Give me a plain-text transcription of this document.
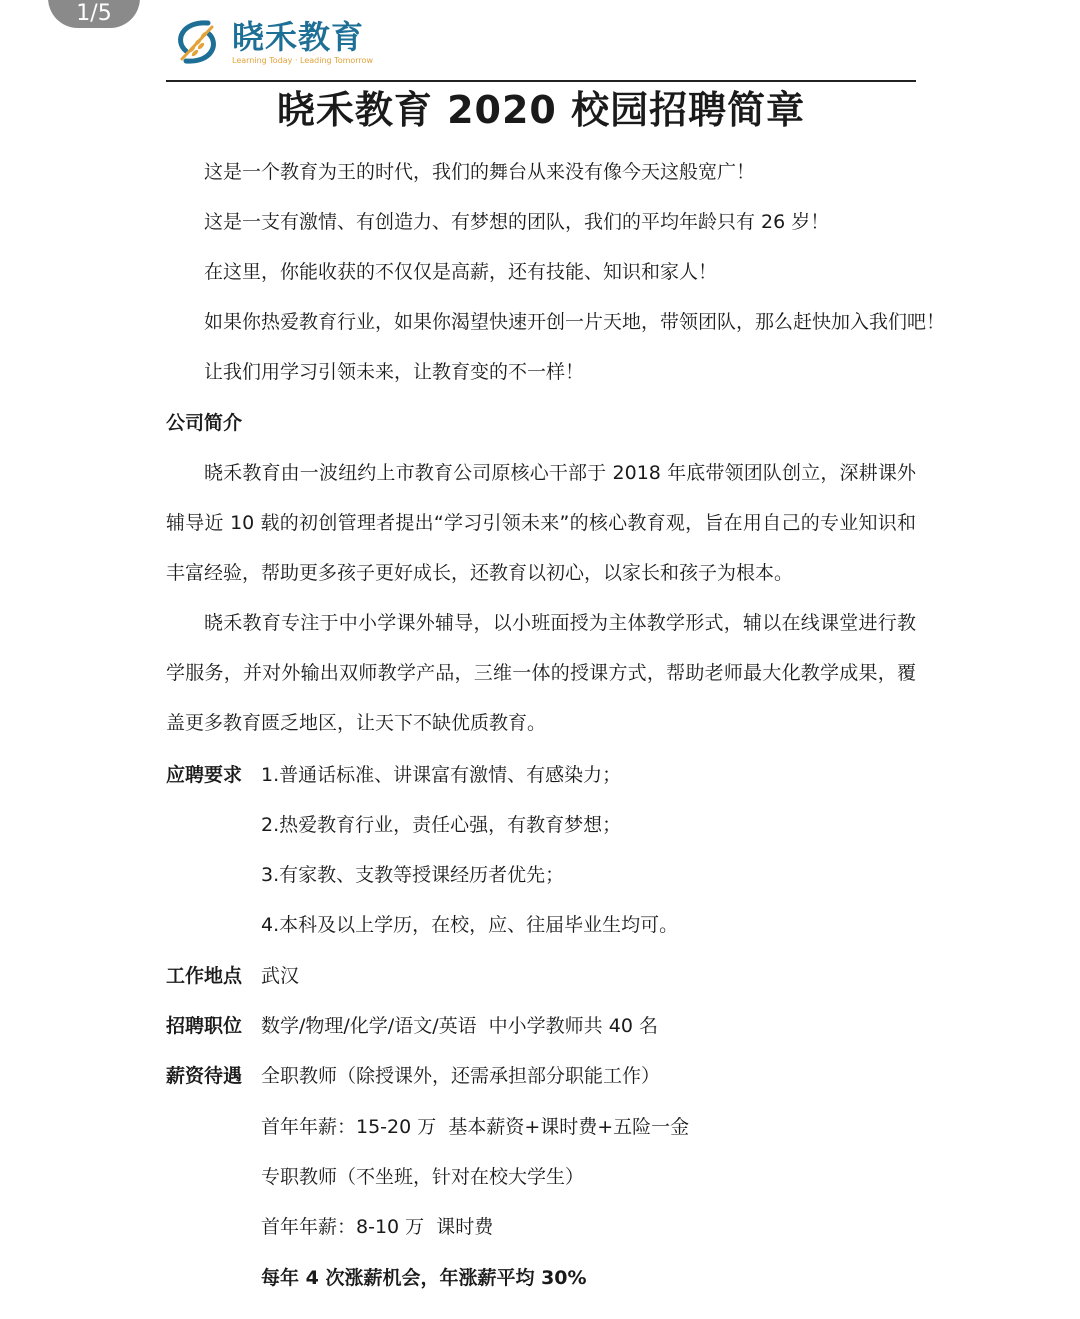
1/5
晓禾教育
Learning Today · Leading Tomorrow
晓禾教育 2020 校园招聘简章
这是一个教育为王的时代，我们的舞台从来没有像今天这般宽广！
这是一支有激情、有创造力、有梦想的团队，我们的平均年龄只有 26 岁！
在这里，你能收获的不仅仅是高薪，还有技能、知识和家人！
如果你热爱教育行业，如果你渴望快速开创一片天地，带领团队，那么赶快加入我们吧！
让我们用学习引领未来，让教育变的不一样！
公司简介

晓禾教育由一波纽约上市教育公司原核心干部于 2018 年底带领团队创立，深耕课外辅导近 10 载的初创管理者提出“学习引领未来”的核心教育观，旨在用自己的专业知识和丰富经验，帮助更多孩子更好成长，还教育以初心，以家长和孩子为根本。

晓禾教育专注于中小学课外辅导，以小班面授为主体教学形式，辅以在线课堂进行教学服务，并对外输出双师教学产品，三维一体的授课方式，帮助老师最大化教学成果，覆盖更多教育匮乏地区，让天下不缺优质教育。

应聘要求 1.普通话标准、讲课富有激情、有感染力；
2.热爱教育行业，责任心强，有教育梦想；
3.有家教、支教等授课经历者优先；
4.本科及以上学历，在校，应、往届毕业生均可。
工作地点 武汉
招聘职位 数学/物理/化学/语文/英语  中小学教师共 40 名
薪资待遇 全职教师（除授课外，还需承担部分职能工作）
首年年薪：15-20 万  基本薪资+课时费+五险一金
专职教师（不坐班，针对在校大学生）
首年年薪：8-10 万  课时费
每年 4 次涨薪机会，年涨薪平均 30%
